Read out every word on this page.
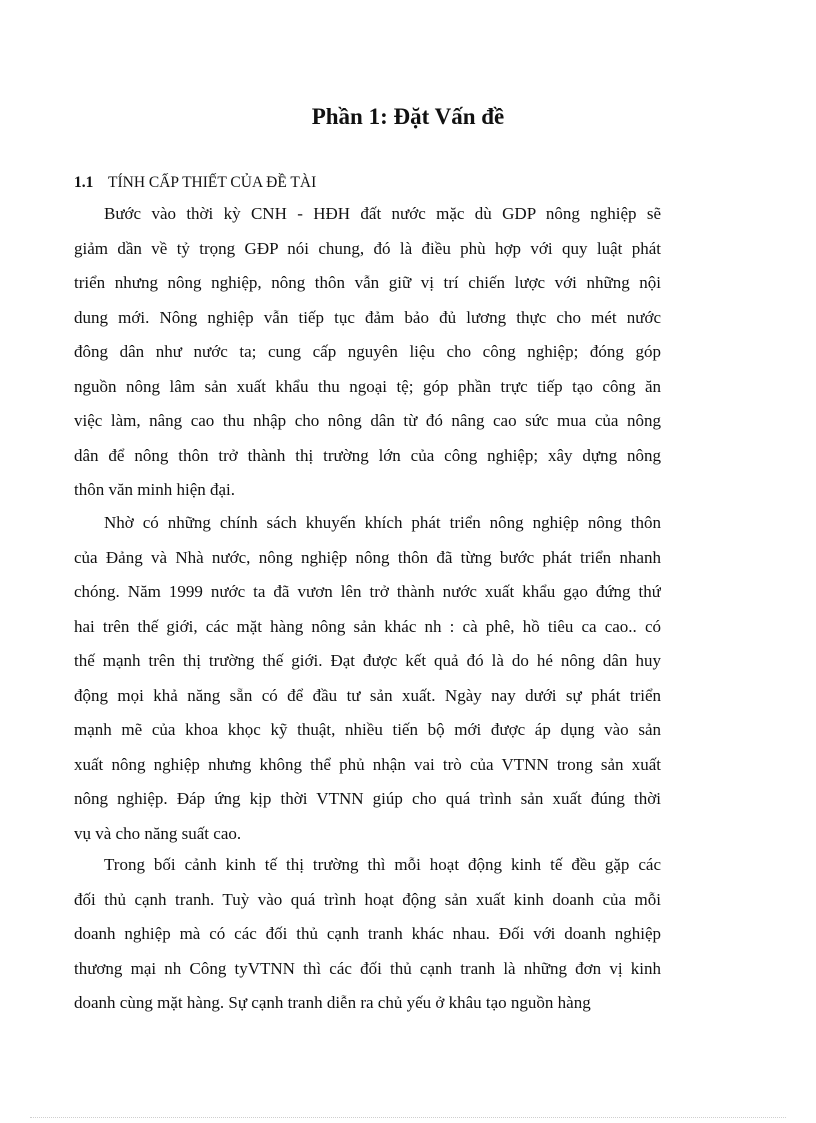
Phần 1: Đặt Vấn đề
1.1 TÍNH CẤP THIẾT CỦA ĐỀ TÀI
Bước vào thời kỳ CNH - HĐH đất nước mặc dù GDP nông nghiệp sẽ
giảm dần về tỷ trọng GĐP nói chung, đó là điều phù hợp với quy luật phát
triển nhưng nông nghiệp, nông thôn vẫn giữ vị trí chiến lược với những nội
dung mới. Nông nghiệp vẫn tiếp tục đảm bảo đủ lương thực cho mét nước
đông dân như nước ta; cung cấp nguyên liệu cho công nghiệp; đóng góp
nguồn nông lâm sản xuất khẩu thu ngoại tệ; góp phần trực tiếp tạo công ăn
việc làm, nâng cao thu nhập cho nông dân từ đó nâng cao sức mua của nông
dân để nông thôn trở thành thị trường lớn của công nghiệp; xây dựng nông
thôn văn minh hiện đại.
Nhờ có những chính sách khuyến khích phát triển nông nghiệp nông thôn
của Đảng và Nhà nước, nông nghiệp nông thôn đã từng bước phát triển nhanh
chóng. Năm 1999 nước ta đã vươn lên trở thành nước xuất khẩu gạo đứng thứ
hai trên thế giới, các mặt hàng nông sản khác nh : cà phê, hồ tiêu ca cao.. có
thế mạnh trên thị trường thế giới. Đạt được kết quả đó là do hé nông dân huy
động mọi khả năng sẵn có để đầu tư sản xuất. Ngày nay dưới sự phát triển
mạnh mẽ của khoa khọc kỹ thuật, nhiều tiến bộ mới được áp dụng vào sản
xuất nông nghiệp nhưng không thể phủ nhận vai trò của VTNN trong sản xuất
nông nghiệp. Đáp ứng kịp thời VTNN giúp cho quá trình sản xuất đúng thời
vụ và cho năng suất cao.
Trong bối cảnh kinh tế thị trường thì mỗi hoạt động kinh tế đều gặp các
đối thủ cạnh tranh. Tuỳ vào quá trình hoạt động sản xuất kinh doanh của mỗi
doanh nghiệp mà có các đối thủ cạnh tranh khác nhau. Đối với doanh nghiệp
thương mại nh Công tyVTNN thì các đối thủ cạnh tranh là những đơn vị kinh
doanh cùng mặt hàng. Sự cạnh tranh diễn ra chủ yếu ở khâu tạo nguồn hàng
